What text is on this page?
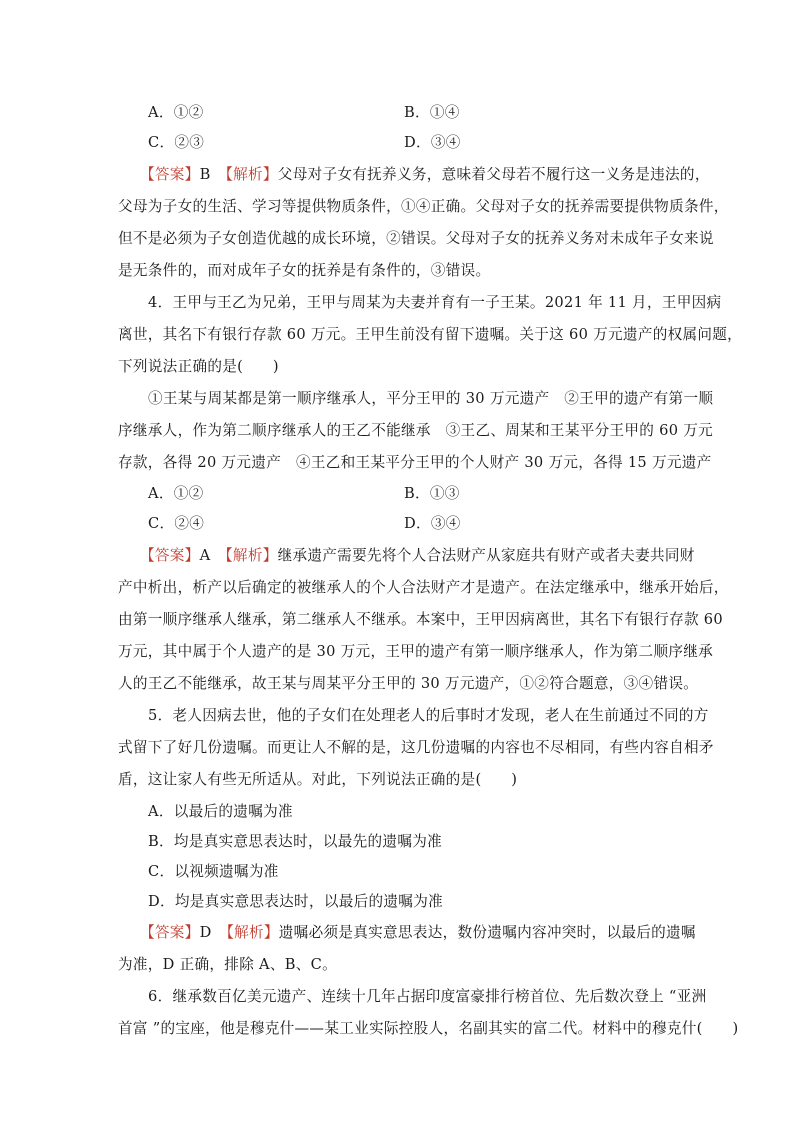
A．①②	B．①④
C．②③	D．③④
【答案】B　 【解析】父母对子女有抚养义务，意味着父母若不履行这一义务是违法的，
父母为子女的生活、学习等提供物质条件，①④正确。父母对子女的抚养需要提供物质条件，
但不是必须为子女创造优越的成长环境，②错误。父母对子女的抚养义务对未成年子女来说
是无条件的，而对成年子女的抚养是有条件的，③错误。
4．王甲与王乙为兄弟，王甲与周某为夫妻并育有一子王某。2021 年 11 月，王甲因病
离世，其名下有银行存款 60 万元。王甲生前没有留下遗嘱。关于这 60 万元遗产的权属问题，
下列说法正确的是(　　)
①王某与周某都是第一顺序继承人，平分王甲的 30 万元遗产　②王甲的遗产有第一顺
序继承人，作为第二顺序继承人的王乙不能继承　③王乙、周某和王某平分王甲的 60 万元
存款，各得 20 万元遗产　④王乙和王某平分王甲的个人财产 30 万元，各得 15 万元遗产
A．①②	B．①③
C．②④	D．③④
【答案】A　 【解析】继承遗产需要先将个人合法财产从家庭共有财产或者夫妻共同财
产中析出，析产以后确定的被继承人的个人合法财产才是遗产。在法定继承中，继承开始后，
由第一顺序继承人继承，第二继承人不继承。本案中，王甲因病离世，其名下有银行存款 60
万元，其中属于个人遗产的是 30 万元，王甲的遗产有第一顺序继承人，作为第二顺序继承
人的王乙不能继承，故王某与周某平分王甲的 30 万元遗产，①②符合题意，③④错误。
5．老人因病去世，他的子女们在处理老人的后事时才发现，老人在生前通过不同的方
式留下了好几份遗嘱。而更让人不解的是，这几份遗嘱的内容也不尽相同，有些内容自相矛
盾，这让家人有些无所适从。对此，下列说法正确的是(　　)
A．以最后的遗嘱为准
B．均是真实意思表达时，以最先的遗嘱为准
C．以视频遗嘱为准
D．均是真实意思表达时，以最后的遗嘱为准
【答案】D　 【解析】遗嘱必须是真实意思表达，数份遗嘱内容冲突时，以最后的遗嘱
为准，D 正确，排除 A、B、C。
6．继承数百亿美元遗产、连续十几年占据印度富豪排行榜首位、先后数次登上 “亚洲
首富 ”的宝座，他是穆克什——某工业实际控股人，名副其实的富二代。材料中的穆克什(　　)
